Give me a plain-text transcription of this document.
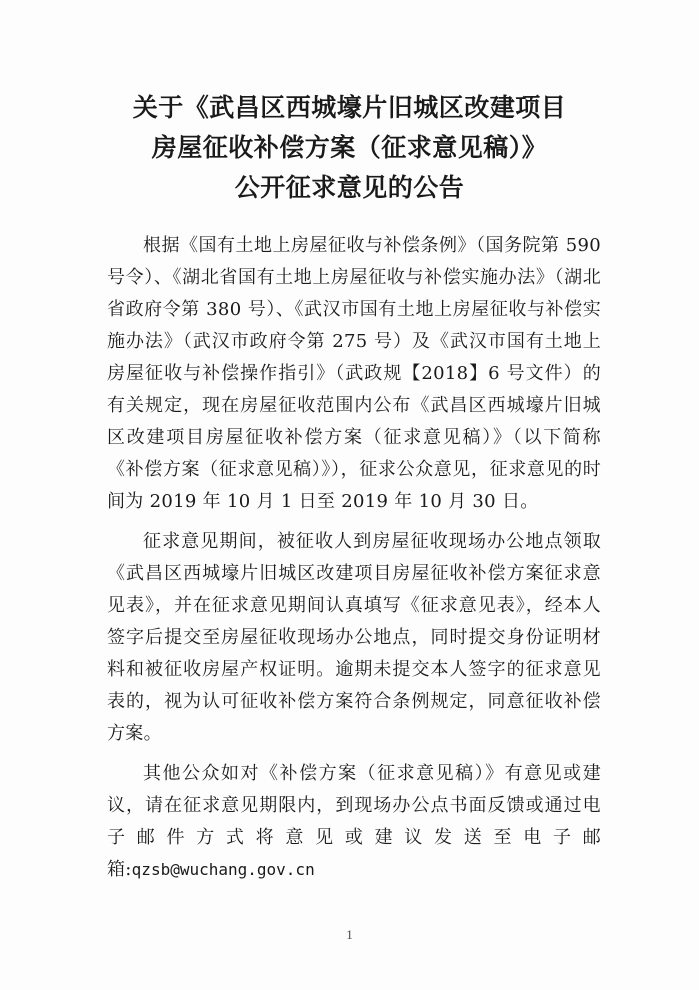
关于《武昌区西城壕片旧城区改建项目
房屋征收补偿方案（征求意见稿）》
公开征求意见的公告

根据《国有土地上房屋征收与补偿条例》（国务院第 590 号令）、《湖北省国有土地上房屋征收与补偿实施办法》（湖北省政府令第 380 号）、《武汉市国有土地上房屋征收与补偿实施办法》（武汉市政府令第 275 号）及《武汉市国有土地上房屋征收与补偿操作指引》（武政规【2018】6 号文件）的有关规定，现在房屋征收范围内公布《武昌区西城壕片旧城区改建项目房屋征收补偿方案（征求意见稿）》（以下简称《补偿方案（征求意见稿）》），征求公众意见，征求意见的时间为 2019 年 10 月 1 日至 2019 年 10 月 30 日。

征求意见期间，被征收人到房屋征收现场办公地点领取《武昌区西城壕片旧城区改建项目房屋征收补偿方案征求意见表》，并在征求意见期间认真填写《征求意见表》，经本人签字后提交至房屋征收现场办公地点，同时提交身份证明材料和被征收房屋产权证明。逾期未提交本人签字的征求意见表的，视为认可征收补偿方案符合条例规定，同意征收补偿方案。

其他公众如对《补偿方案（征求意见稿）》有意见或建议，请在征求意见期限内，到现场办公点书面反馈或通过电子邮件方式将意见或建议发送至电子邮箱:qzsb@wuchang.gov.cn

1
